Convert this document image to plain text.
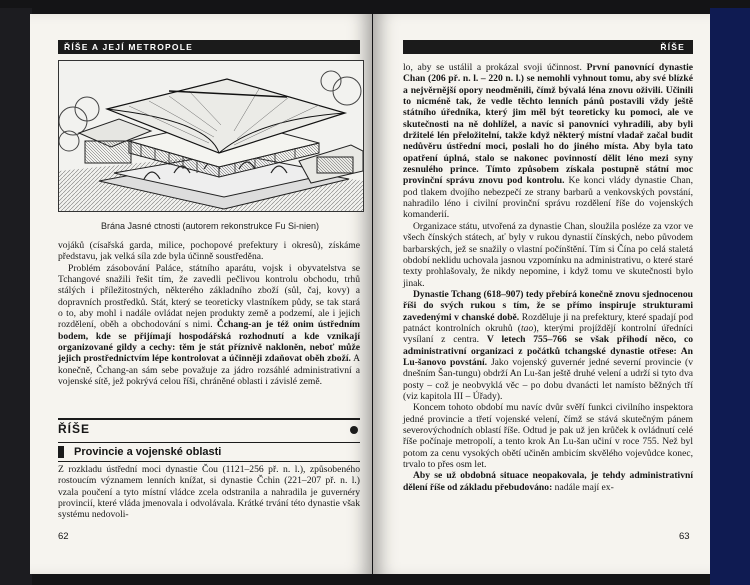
ŘÍŠE A JEJÍ METROPOLE
Brána Jasné ctnosti (autorem rekonstrukce Fu Si-nien)

vojáků (císařská garda, milice, pochopové prefektury i okresů), získáme představu, jak velká síla zde byla účinně soustředěna.

Problém zásobování Paláce, státního aparátu, vojsk i obyvatelstva se Tchangové snažili řešit tím, že zavedli pečlivou kontrolu obchodu, trhů stálých i příležitostných, některého základního zboží (sůl, čaj, kovy) a dopravních prostředků. Stát, který se teoreticky vlastníkem půdy, se tak stará o to, aby mohl i nadále ovládat nejen produkty země a podzemí, ale i jejich rozdělení, oběh a obchodování s nimi. Čchang-an je též onim ústředním bodem, kde se přijímají hospodářská rozhodnutí a kde vznikají organizované gildy a cechy: těm je stát příznivě nakloněn, neboť může jejich prostřednictvím lépe kontrolovat a účinněji zdaňovat oběh zboží. A konečně, Čchang-an sám sebe považuje za jádro rozsáhlé administrativní a vojenské sítě, jež pokrývá celou říši, chráněné oblasti i závislé země.

ŘÍŠE
Provincie a vojenské oblasti

Z rozkladu ústřední moci dynastie Čou (1121–256 př. n. l.), způsobeného rostoucím významem lenních knížat, si dynastie Čchin (221–207 př. n. l.) vzala poučení a tyto místní vládce zcela odstranila a nahradila je guvernéry provincií, které vláda jmenovala i odvolávala. Krátké trvání této dynastie však systému nedovoli-

62
ŘÍŠE

lo, aby se ustálil a prokázal svoji účinnost. První panovnící dynastie Chan (206 př. n. l. – 220 n. l.) se nemohli vyhnout tomu, aby své blízké a nejvěrnější opory neodměnili, čímž bývalá léna znovu oživili. Učinili to nicméně tak, že vedle těchto lenních pánů postavili vždy ještě státního úředníka, který jim měl být teoreticky ku pomoci, ale ve skutečnosti na ně dohlížel, a navíc si panovníci vyhradili, aby byli držitelé lén přeložitelní, takže když některý místní vladař začal budit nedůvěru ústřední moci, poslali ho do jiného místa. Aby byla tato opatření úplná, stalo se nakonec povinností dělit léno mezi syny zesnulého prince. Tímto způsobem získala postupně státní moc provinční správu znovu pod kontrolu. Ke konci vlády dynastie Chan, pod tlakem dvojího nebezpečí ze strany barbarů a venkovských povstání, nahradilo léno i civilní provinční správu rozdělení říše do vojenských komanderií.

Organizace státu, utvořená za dynastie Chan, sloužila posléze za vzor ve všech čínských státech, ať byly v rukou dynastií čínských, nebo původem barbarských, jež se snažily o vlastní počínštění. Tím si Čína po celá staletá období neklidu uchovala jasnou vzpomínku na administrativu, o které staré texty prohlašovaly, že nikdy nepomine, i když tomu ve skutečnosti bylo jinak.

Dynastie Tchang (618–907) tedy přebírá konečně znovu sjednocenou říši do svých rukou s tím, že se přímo inspiruje strukturami zavedenými v chanské době. Rozděluje ji na prefektury, které spadají pod patnáct kontrolních okruhů (tao), kterými projíždějí kontrolní úředníci vysílaní z centra. V letech 755–766 se však přihodí něco, co administrativní organizaci z počátků tchangské dynastie otřese: An Lu-šanovo povstání. Jako vojenský guvernér jedné severní provincie (v dnešním Šan-tungu) obdrží An Lu-šan ještě druhé velení a udrží si tyto dva posty – což je neobvyklá věc – po dobu dvanácti let namísto běžných tří (viz kapitola III – Úřady).

Koncem tohoto období mu navíc dvůr svěří funkci civilního inspektora jedné provincie a třetí vojenské velení, čímž se stává skutečným pánem severovýchodních oblastí říše. Odtud je pak už jen krůček k ovládnutí celé říše počínaje metropolí, a tento krok An Lu-šan učiní v roce 755. Než byl potom za cenu vysokých obětí učiněn ambicím skvělého vojevůdce konec, trvalo to přes osm let.

Aby se už obdobná situace neopakovala, je tehdy administrativní dělení říše od základu přebudováno: nadále mají ex-

63
